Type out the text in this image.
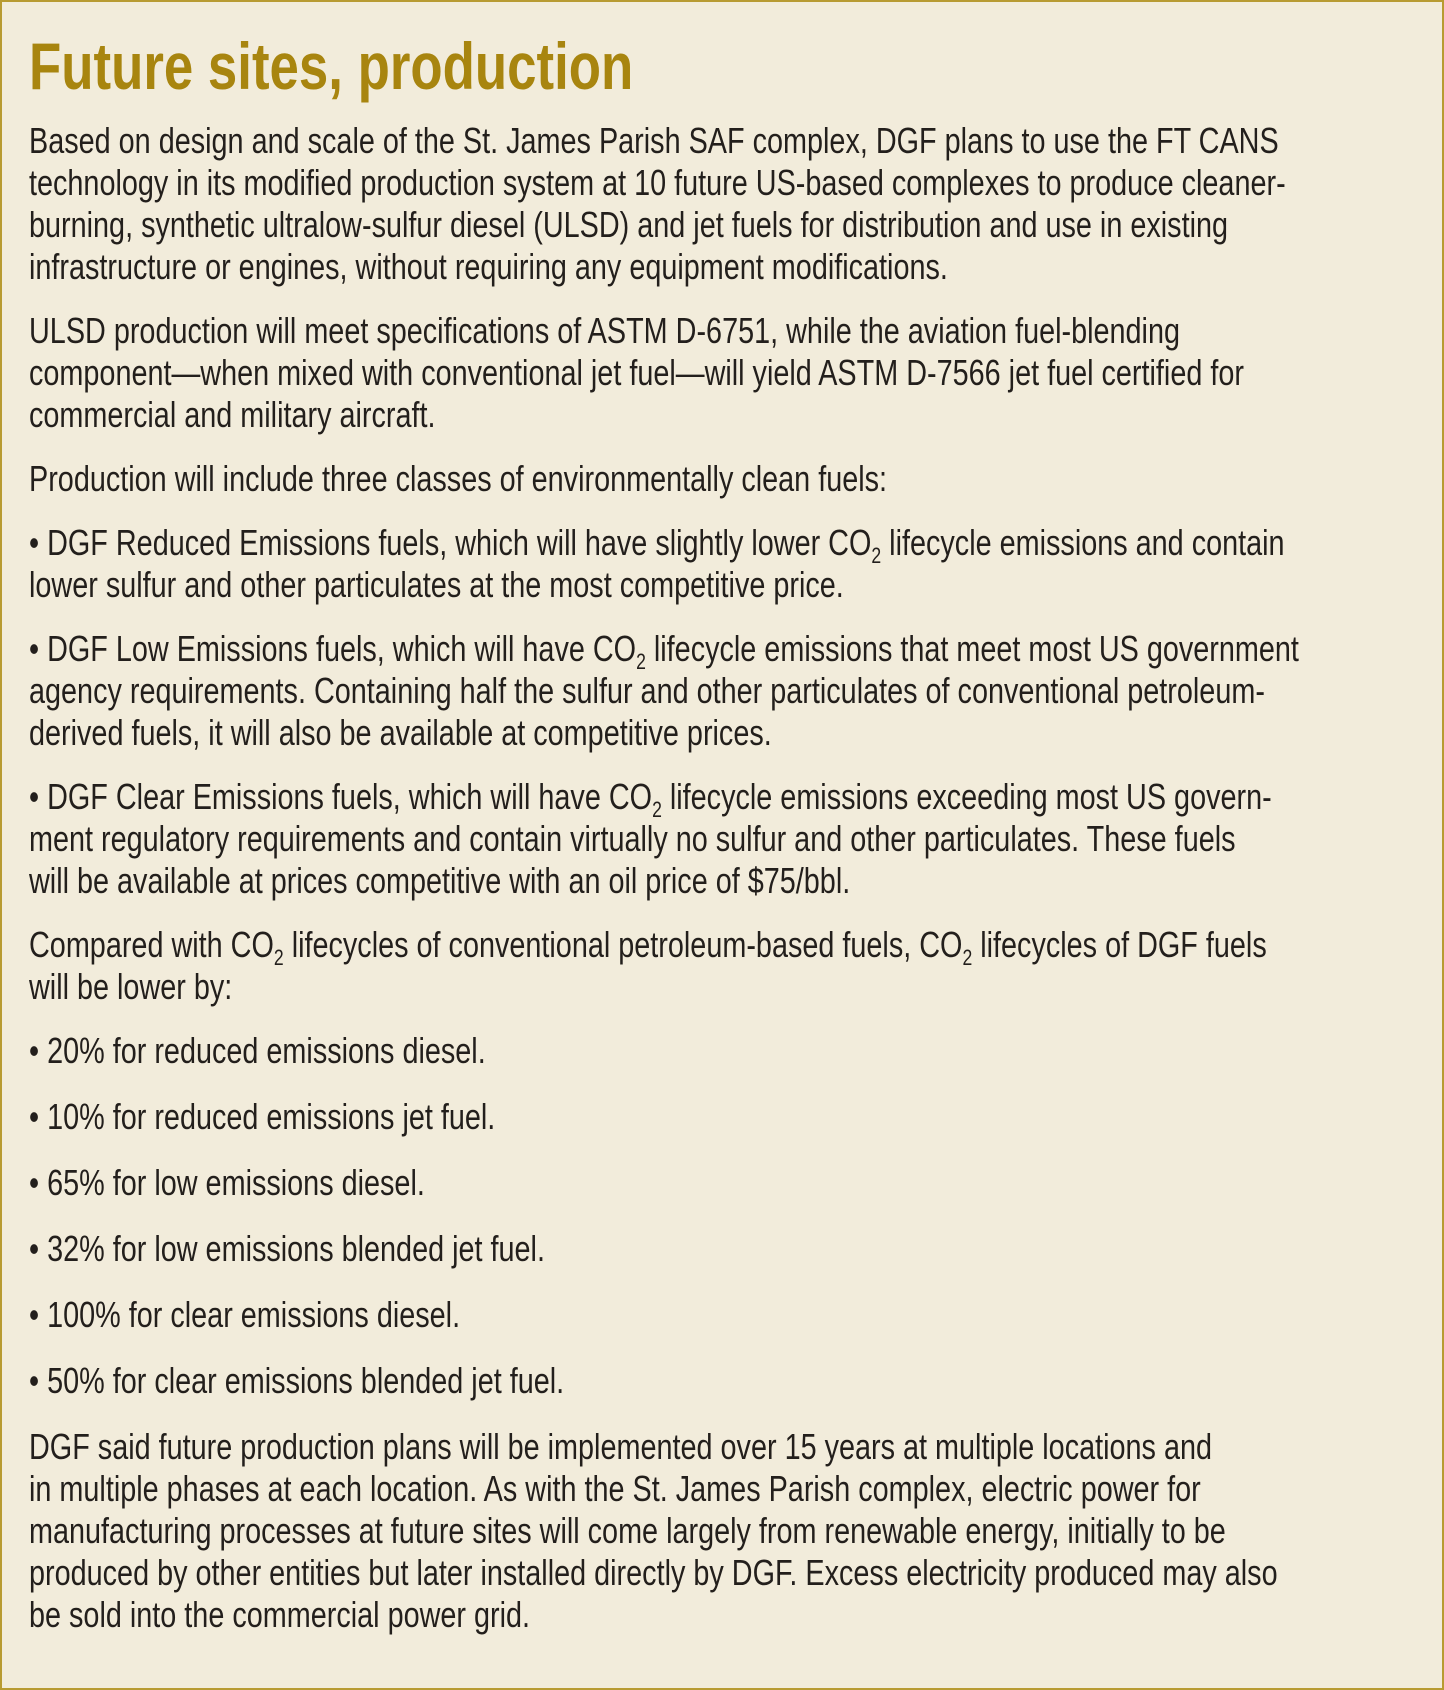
Future sites, production

Based on design and scale of the St. James Parish SAF complex, DGF plans to use the FT CANS
technology in its modified production system at 10 future US-based complexes to produce cleaner-
burning, synthetic ultralow-sulfur diesel (ULSD) and jet fuels for distribution and use in existing
infrastructure or engines, without requiring any equipment modifications.

ULSD production will meet specifications of ASTM D-6751, while the aviation fuel-blending
component—when mixed with conventional jet fuel—will yield ASTM D-7566 jet fuel certified for
commercial and military aircraft.

Production will include three classes of environmentally clean fuels:

• DGF Reduced Emissions fuels, which will have slightly lower $CO_2$ lifecycle emissions and contain
lower sulfur and other particulates at the most competitive price.

• DGF Low Emissions fuels, which will have $CO_2$ lifecycle emissions that meet most US government
agency requirements. Containing half the sulfur and other particulates of conventional petroleum-
derived fuels, it will also be available at competitive prices.

• DGF Clear Emissions fuels, which will have $CO_2$ lifecycle emissions exceeding most US govern-
ment regulatory requirements and contain virtually no sulfur and other particulates. These fuels
will be available at prices competitive with an oil price of $75/bbl.

Compared with $CO_2$ lifecycles of conventional petroleum-based fuels, $CO_2$ lifecycles of DGF fuels
will be lower by:

• 20% for reduced emissions diesel.

• 10% for reduced emissions jet fuel.

• 65% for low emissions diesel.

• 32% for low emissions blended jet fuel.

• 100% for clear emissions diesel.

• 50% for clear emissions blended jet fuel.

DGF said future production plans will be implemented over 15 years at multiple locations and
in multiple phases at each location. As with the St. James Parish complex, electric power for
manufacturing processes at future sites will come largely from renewable energy, initially to be
produced by other entities but later installed directly by DGF. Excess electricity produced may also
be sold into the commercial power grid.
